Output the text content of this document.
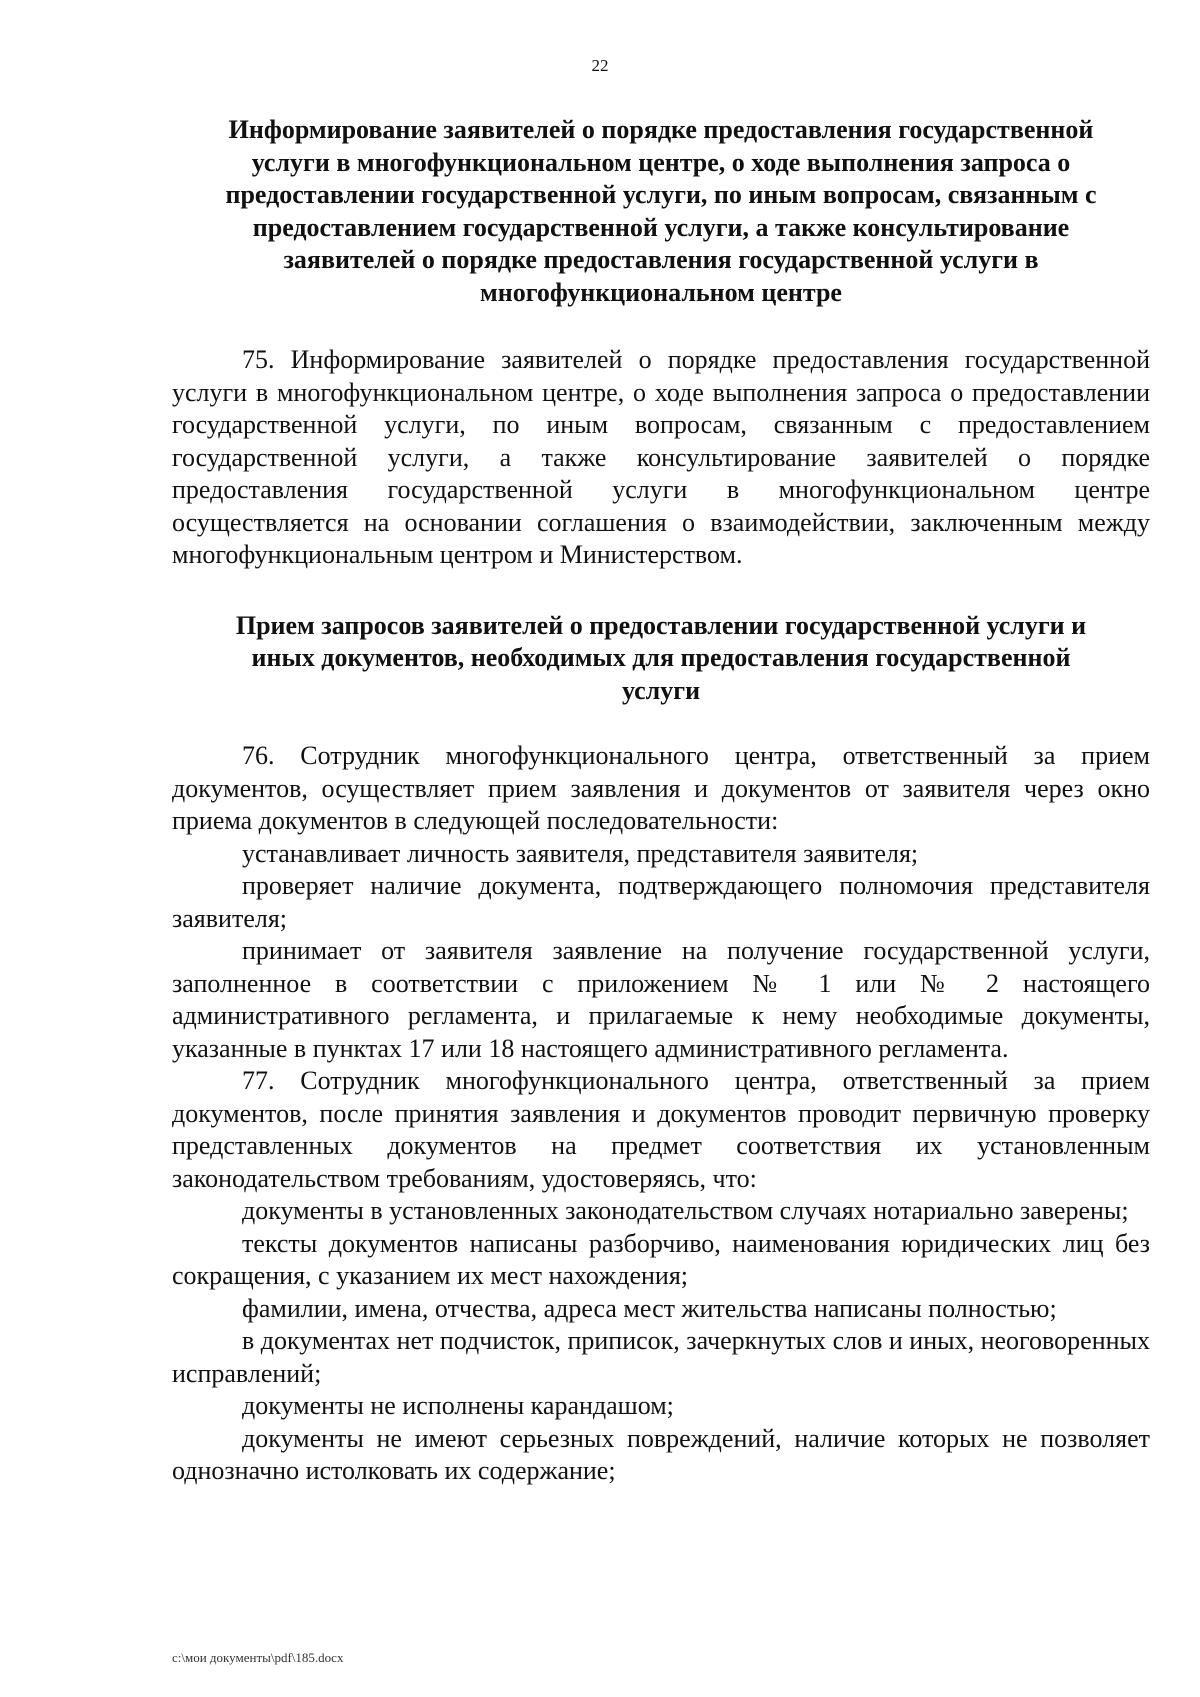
22
Информирование заявителей о порядке предоставления государственной услуги в многофункциональном центре, о ходе выполнения запроса о предоставлении государственной услуги, по иным вопросам, связанным с предоставлением государственной услуги, а также консультирование заявителей о порядке предоставления государственной услуги в многофункциональном центре

75. Информирование заявителей о порядке предоставления государственной услуги в многофункциональном центре, о ходе выполнения запроса о предоставлении государственной услуги, по иным вопросам, связанным с предоставлением государственной услуги, а также консультирование заявителей о порядке предоставления государственной услуги в многофункциональном центре осуществляется на основании соглашения о взаимодействии, заключенным между многофункциональным центром и Министерством.

Прием запросов заявителей о предоставлении государственной услуги и иных документов, необходимых для предоставления государственной услуги

76. Сотрудник многофункционального центра, ответственный за прием документов, осуществляет прием заявления и документов от заявителя через окно приема документов в следующей последовательности:

устанавливает личность заявителя, представителя заявителя;

проверяет наличие документа, подтверждающего полномочия представителя заявителя;

принимает от заявителя заявление на получение государственной услуги, заполненное в соответствии с приложением № 1 или № 2 настоящего административного регламента, и прилагаемые к нему необходимые документы, указанные в пунктах 17 или 18 настоящего административного регламента.

77. Сотрудник многофункционального центра, ответственный за прием документов, после принятия заявления и документов проводит первичную проверку представленных документов на предмет соответствия их установленным законодательством требованиям, удостоверяясь, что:

документы в установленных законодательством случаях нотариально заверены;

тексты документов написаны разборчиво, наименования юридических лиц без сокращения, с указанием их мест нахождения;

фамилии, имена, отчества, адреса мест жительства написаны полностью;

в документах нет подчисток, приписок, зачеркнутых слов и иных, неоговоренных исправлений;

документы не исполнены карандашом;

документы не имеют серьезных повреждений, наличие которых не позволяет однозначно истолковать их содержание;

c:\мои документы\pdf\185.docx
